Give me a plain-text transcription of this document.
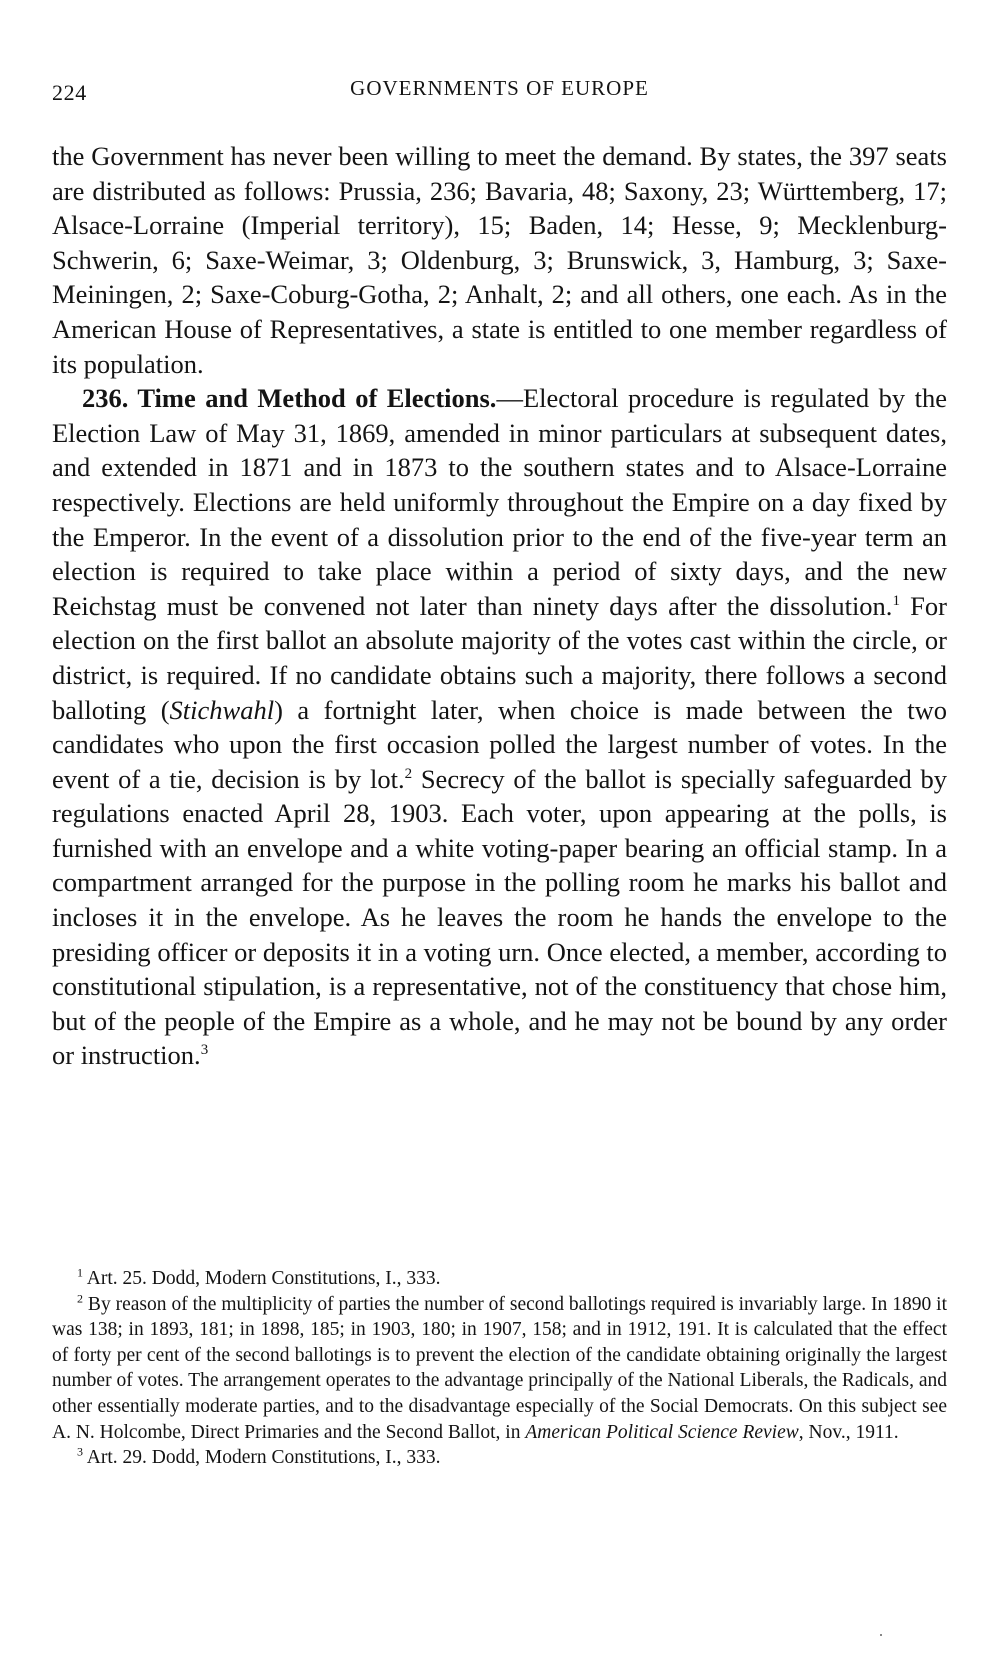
224	GOVERNMENTS OF EUROPE

the Government has never been willing to meet the demand. By states, the 397 seats are distributed as follows: Prussia, 236; Bavaria, 48; Saxony, 23; Württemberg, 17; Alsace-Lorraine (Imperial territory), 15; Baden, 14; Hesse, 9; Mecklenburg-Schwerin, 6; Saxe-Weimar, 3; Oldenburg, 3; Brunswick, 3, Hamburg, 3; Saxe-Meiningen, 2; Saxe-Coburg-Gotha, 2; Anhalt, 2; and all others, one each. As in the American House of Representatives, a state is entitled to one member regardless of its population.

236. Time and Method of Elections.—Electoral procedure is regulated by the Election Law of May 31, 1869, amended in minor particulars at subsequent dates, and extended in 1871 and in 1873 to the southern states and to Alsace-Lorraine respectively. Elections are held uniformly throughout the Empire on a day fixed by the Emperor. In the event of a dissolution prior to the end of the five-year term an election is required to take place within a period of sixty days, and the new Reichstag must be convened not later than ninety days after the dissolution.$^1$ For election on the first ballot an absolute majority of the votes cast within the circle, or district, is required. If no candidate obtains such a majority, there follows a second balloting (Stichwahl) a fortnight later, when choice is made between the two candidates who upon the first occasion polled the largest number of votes. In the event of a tie, decision is by lot.$^2$ Secrecy of the ballot is specially safeguarded by regulations enacted April 28, 1903. Each voter, upon appearing at the polls, is furnished with an envelope and a white voting-paper bearing an official stamp. In a compartment arranged for the purpose in the polling room he marks his ballot and incloses it in the envelope. As he leaves the room he hands the envelope to the presiding officer or deposits it in a voting urn. Once elected, a member, according to constitutional stipulation, is a representative, not of the constituency that chose him, but of the people of the Empire as a whole, and he may not be bound by any order or instruction.$^3$

$^1$ Art. 25. Dodd, Modern Constitutions, I., 333.

$^2$ By reason of the multiplicity of parties the number of second ballotings required is invariably large. In 1890 it was 138; in 1893, 181; in 1898, 185; in 1903, 180; in 1907, 158; and in 1912, 191. It is calculated that the effect of forty per cent of the second ballotings is to prevent the election of the candidate obtaining originally the largest number of votes. The arrangement operates to the advantage principally of the National Liberals, the Radicals, and other essentially moderate parties, and to the disadvantage especially of the Social Democrats. On this subject see A. N. Holcombe, Direct Primaries and the Second Ballot, in American Political Science Review, Nov., 1911.

$^3$ Art. 29. Dodd, Modern Constitutions, I., 333.
